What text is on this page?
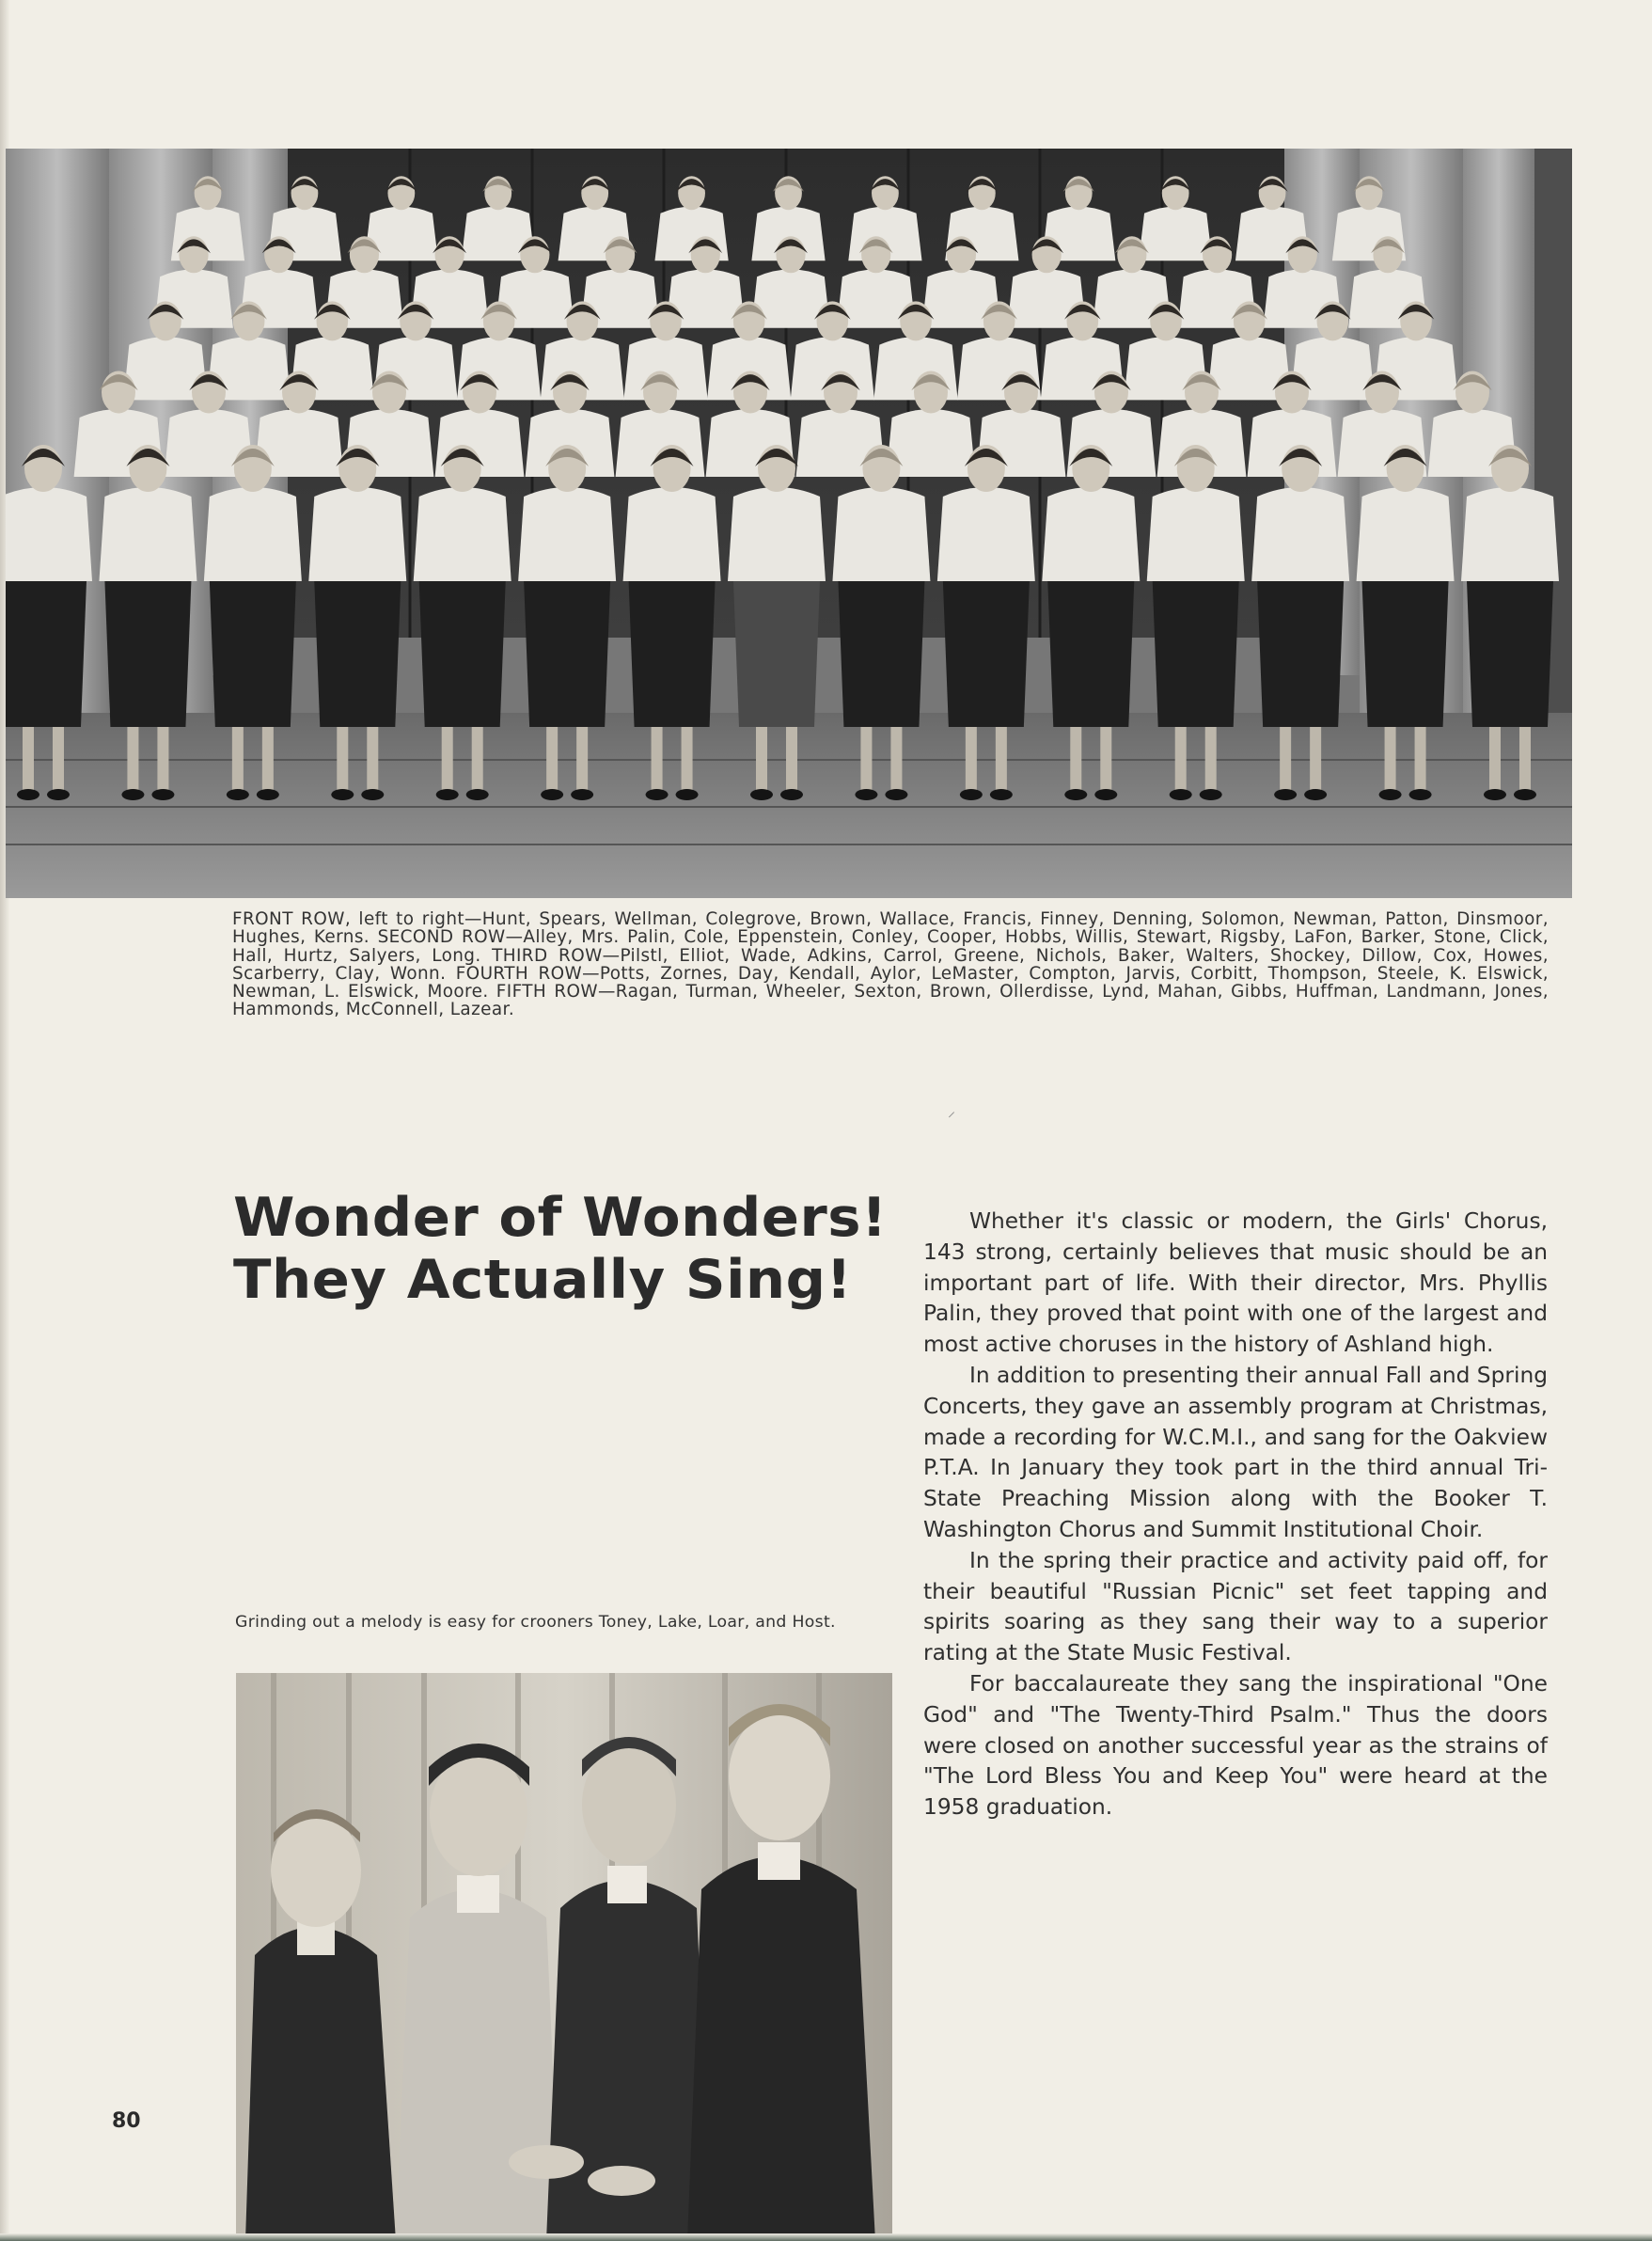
FRONT ROW, left to right—Hunt, Spears, Wellman, Colegrove, Brown, Wallace, Francis, Finney, Denning, Solomon, Newman, Patton, Dinsmoor, Hughes, Kerns. SECOND ROW—Alley, Mrs. Palin, Cole, Eppenstein, Conley, Cooper, Hobbs, Willis, Stewart, Rigsby, LaFon, Barker, Stone, Click, Hall, Hurtz, Salyers, Long. THIRD ROW—Pilstl, Elliot, Wade, Adkins, Carrol, Greene, Nichols, Baker, Walters, Shockey, Dillow, Cox, Howes, Scarberry, Clay, Wonn. FOURTH ROW—Potts, Zornes, Day, Kendall, Aylor, LeMaster, Compton, Jarvis, Corbitt, Thompson, Steele, K. Elswick, Newman, L. Elswick, Moore. FIFTH ROW—Ragan, Turman, Wheeler, Sexton, Brown, Ollerdisse, Lynd, Mahan, Gibbs, Huffman, Landmann, Jones, Hammonds, McConnell, Lazear.
⸝
Wonder of Wonders!
They Actually Sing!

Whether it's classic or modern, the Girls' Chorus, 143 strong, certainly believes that music should be an important part of life. With their director, Mrs. Phyllis Palin, they proved that point with one of the largest and most active choruses in the history of Ashland high.

In addition to presenting their annual Fall and Spring Concerts, they gave an assembly program at Christmas, made a recording for W.C.M.I., and sang for the Oakview P.T.A. In January they took part in the third annual Tri-State Preaching Mission along with the Booker T. Washington Chorus and Summit Institutional Choir.

In the spring their practice and activity paid off, for their beautiful "Russian Picnic" set feet tapping and spirits soaring as they sang their way to a superior rating at the State Music Festival.

For baccalaureate they sang the inspirational "One God" and "The Twenty-Third Psalm." Thus the doors were closed on another successful year as the strains of "The Lord Bless You and Keep You" were heard at the 1958 graduation.

Grinding out a melody is easy for crooners Toney, Lake, Loar, and Host.
80
